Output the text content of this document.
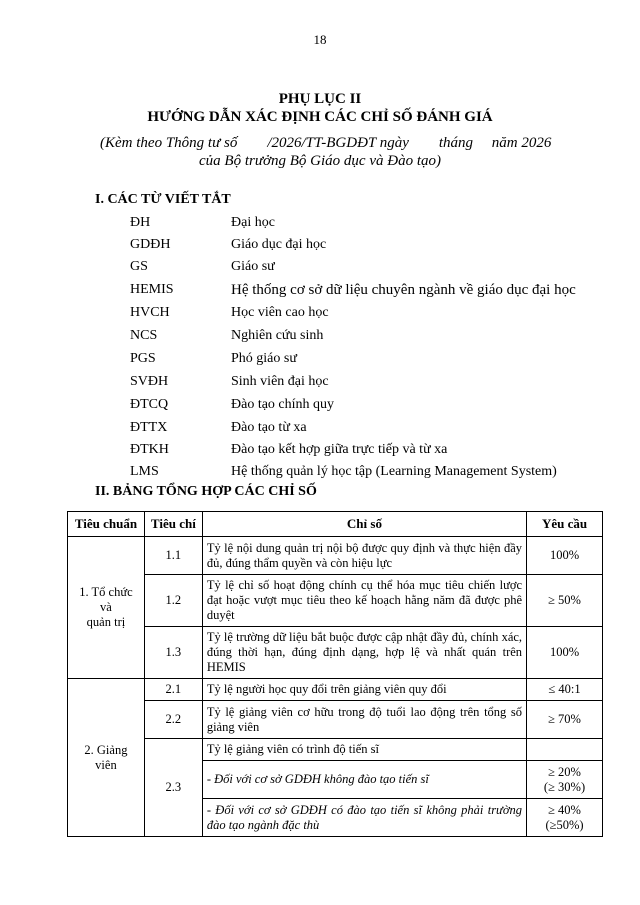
18
PHỤ LỤC II
HƯỚNG DẪN XÁC ĐỊNH CÁC CHỈ SỐ ĐÁNH GIÁ
(Kèm theo Thông tư số        /2026/TT-BGDĐT ngày        tháng     năm 2026
của Bộ trưởng Bộ Giáo dục và Đào tạo)
I. CÁC TỪ VIẾT TẮT
ĐH	Đại học
GDĐH	Giáo dục đại học
GS	Giáo sư
HEMIS	Hệ thống cơ sở dữ liệu chuyên ngành về giáo dục đại học
HVCH	Học viên cao học
NCS	Nghiên cứu sinh
PGS	Phó giáo sư
SVĐH	Sinh viên đại học
ĐTCQ	Đào tạo chính quy
ĐTTX	Đào tạo từ xa
ĐTKH	Đào tạo kết hợp giữa trực tiếp và từ xa
LMS	Hệ thống quản lý học tập (Learning Management System)
II. BẢNG TỔNG HỢP CÁC CHỈ SỐ
Tiêu chuẩn	Tiêu chí	Chỉ số	Yêu cầu

1. Tổ chức
và
quản trị	1.1	Tỷ lệ nội dung quản trị nội bộ được quy định và thực hiện đầy đủ, đúng thẩm quyền và còn hiệu lực	100%
	1.2	Tỷ lệ chỉ số hoạt động chính cụ thể hóa mục tiêu chiến lược đạt hoặc vượt mục tiêu theo kế hoạch hằng năm đã được phê duyệt	≥ 50%
	1.3	Tỷ lệ trường dữ liệu bắt buộc được cập nhật đầy đủ, chính xác, đúng thời hạn, đúng định dạng, hợp lệ và nhất quán trên HEMIS	100%

2. Giảng
viên	2.1	Tỷ lệ người học quy đổi trên giảng viên quy đổi	≤ 40:1
	2.2	Tỷ lệ giảng viên cơ hữu trong độ tuổi lao động trên tổng số giảng viên	≥ 70%
	2.3	Tỷ lệ giảng viên có trình độ tiến sĩ	
		- Đối với cơ sở GDĐH không đào tạo tiến sĩ	≥ 20%
(≥ 30%)

		- Đối với cơ sở GDĐH có đào tạo tiến sĩ không phải trường đào tạo ngành đặc thù	≥ 40%
(≥50%)
